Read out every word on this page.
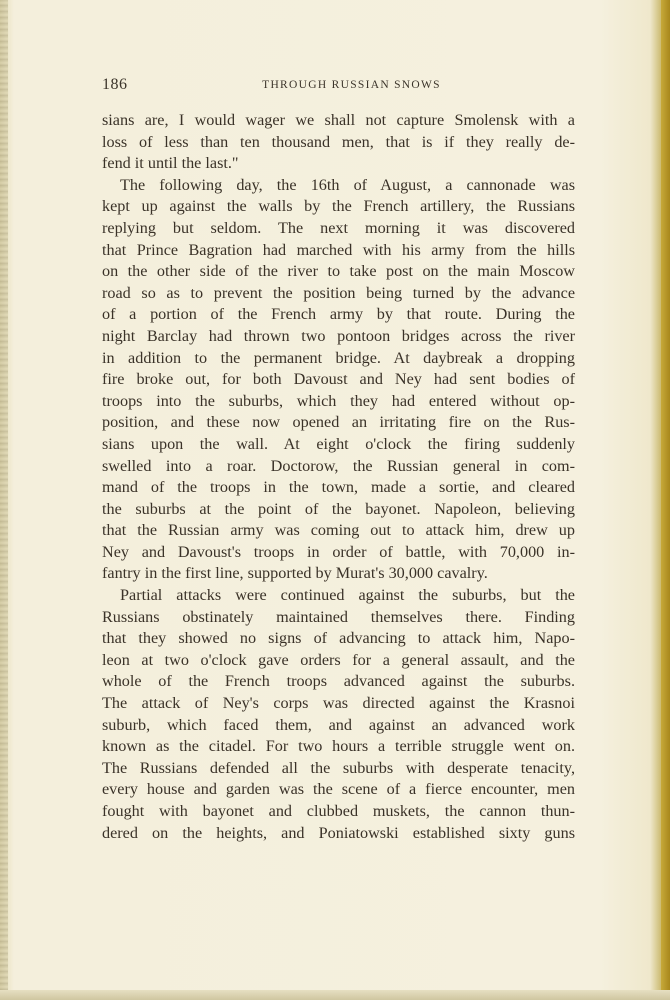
186	THROUGH RUSSIAN SNOWS
sians are, I would wager we shall not capture Smolensk with a
loss of less than ten thousand men, that is if they really de-
fend it until the last."
The following day, the 16th of August, a cannonade was
kept up against the walls by the French artillery, the Russians
replying but seldom. The next morning it was discovered
that Prince Bagration had marched with his army from the hills
on the other side of the river to take post on the main Moscow
road so as to prevent the position being turned by the advance
of a portion of the French army by that route. During the
night Barclay had thrown two pontoon bridges across the river
in addition to the permanent bridge. At daybreak a dropping
fire broke out, for both Davoust and Ney had sent bodies of
troops into the suburbs, which they had entered without op-
position, and these now opened an irritating fire on the Rus-
sians upon the wall. At eight o'clock the firing suddenly
swelled into a roar. Doctorow, the Russian general in com-
mand of the troops in the town, made a sortie, and cleared
the suburbs at the point of the bayonet. Napoleon, believing
that the Russian army was coming out to attack him, drew up
Ney and Davoust's troops in order of battle, with 70,000 in-
fantry in the first line, supported by Murat's 30,000 cavalry.
Partial attacks were continued against the suburbs, but the
Russians obstinately maintained themselves there. Finding
that they showed no signs of advancing to attack him, Napo-
leon at two o'clock gave orders for a general assault, and the
whole of the French troops advanced against the suburbs.
The attack of Ney's corps was directed against the Krasnoi
suburb, which faced them, and against an advanced work
known as the citadel. For two hours a terrible struggle went on.
The Russians defended all the suburbs with desperate tenacity,
every house and garden was the scene of a fierce encounter, men
fought with bayonet and clubbed muskets, the cannon thun-
dered on the heights, and Poniatowski established sixty guns
